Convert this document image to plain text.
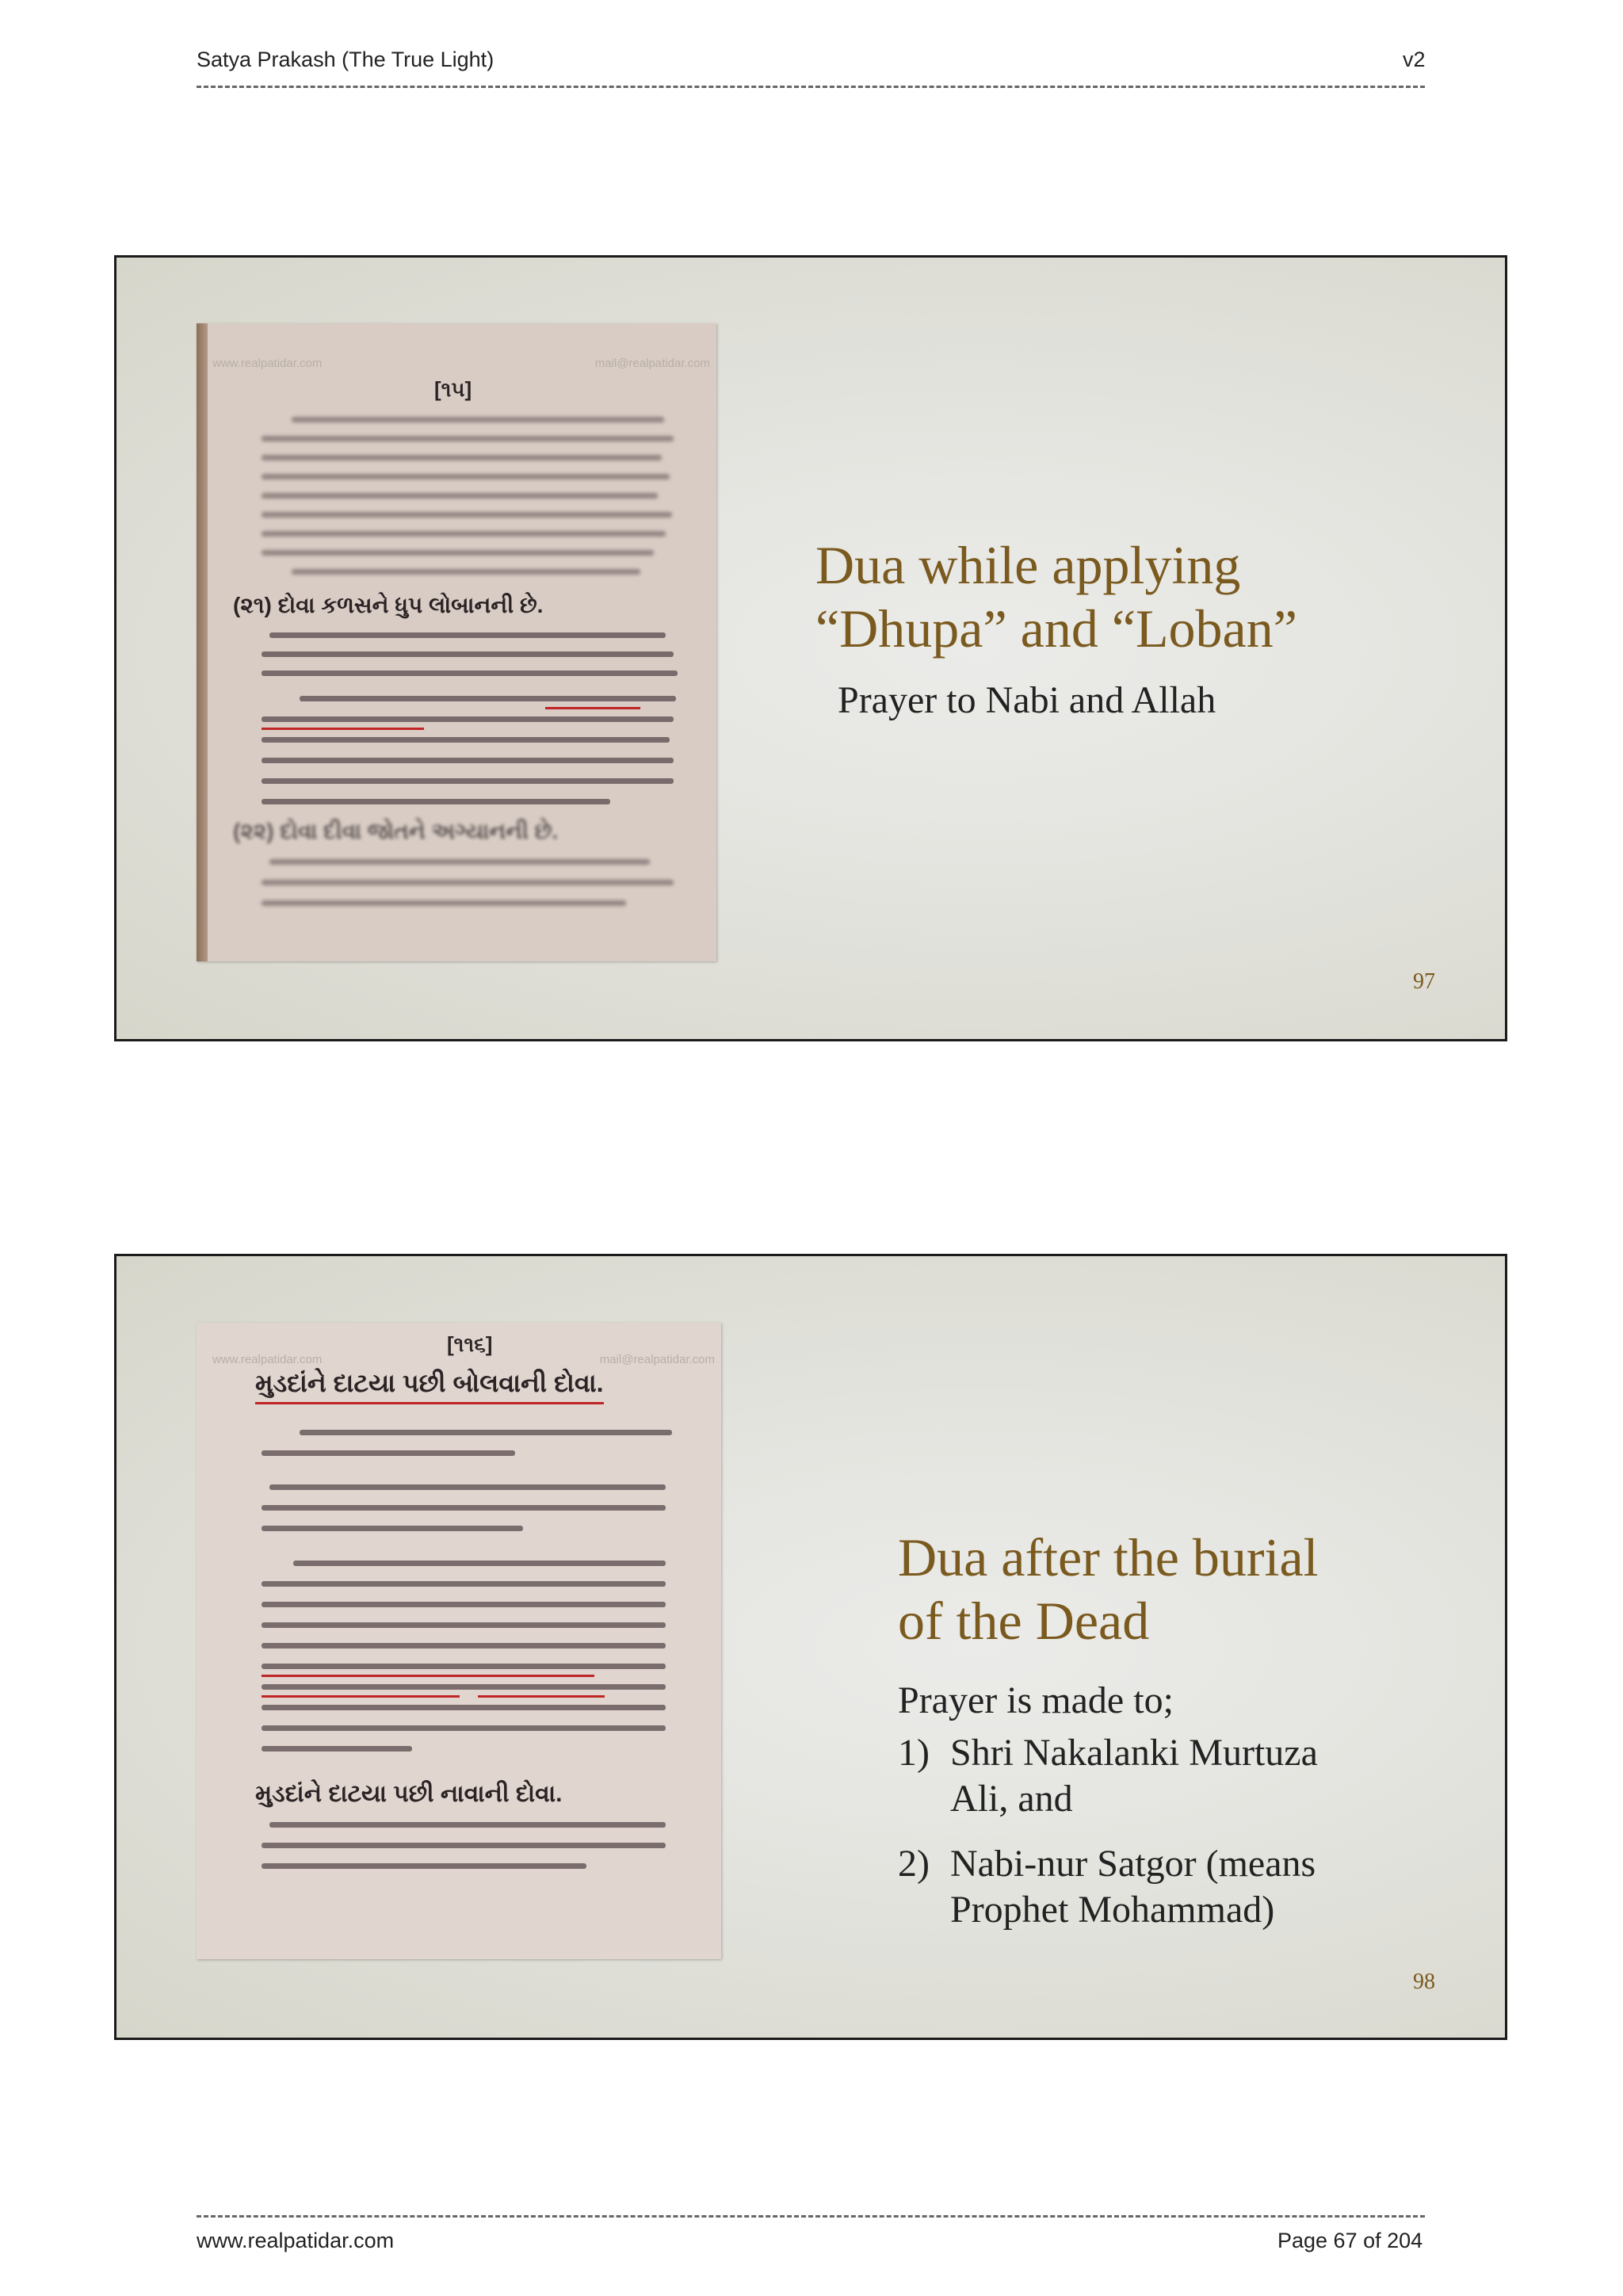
Satya Prakash (The True Light)	v2
www.realpatidar.com	mail@realpatidar.com
[૧૫]
(૨૧) દોવા કળસને ધુપ લોબાનની છે.
(૨૨) દોવા દીવા જોતને અગ્યાનની છે.
Dua while applying
“Dhupa” and “Loban”
Prayer to Nabi and Allah
97
www.realpatidar.com	mail@realpatidar.com
[૧૧૬]
મુડદાંને દાટયા પછી બોલવાની દોવા.
મુડદાંને દાટયા પછી નાવાની દોવા.
Dua after the burial
of the Dead
Prayer is made to;
1) Shri Nakalanki Murtuza
Ali, and
2) Nabi-nur Satgor (means
Prophet Mohammad)
98
www.realpatidar.com	Page 67 of 204
